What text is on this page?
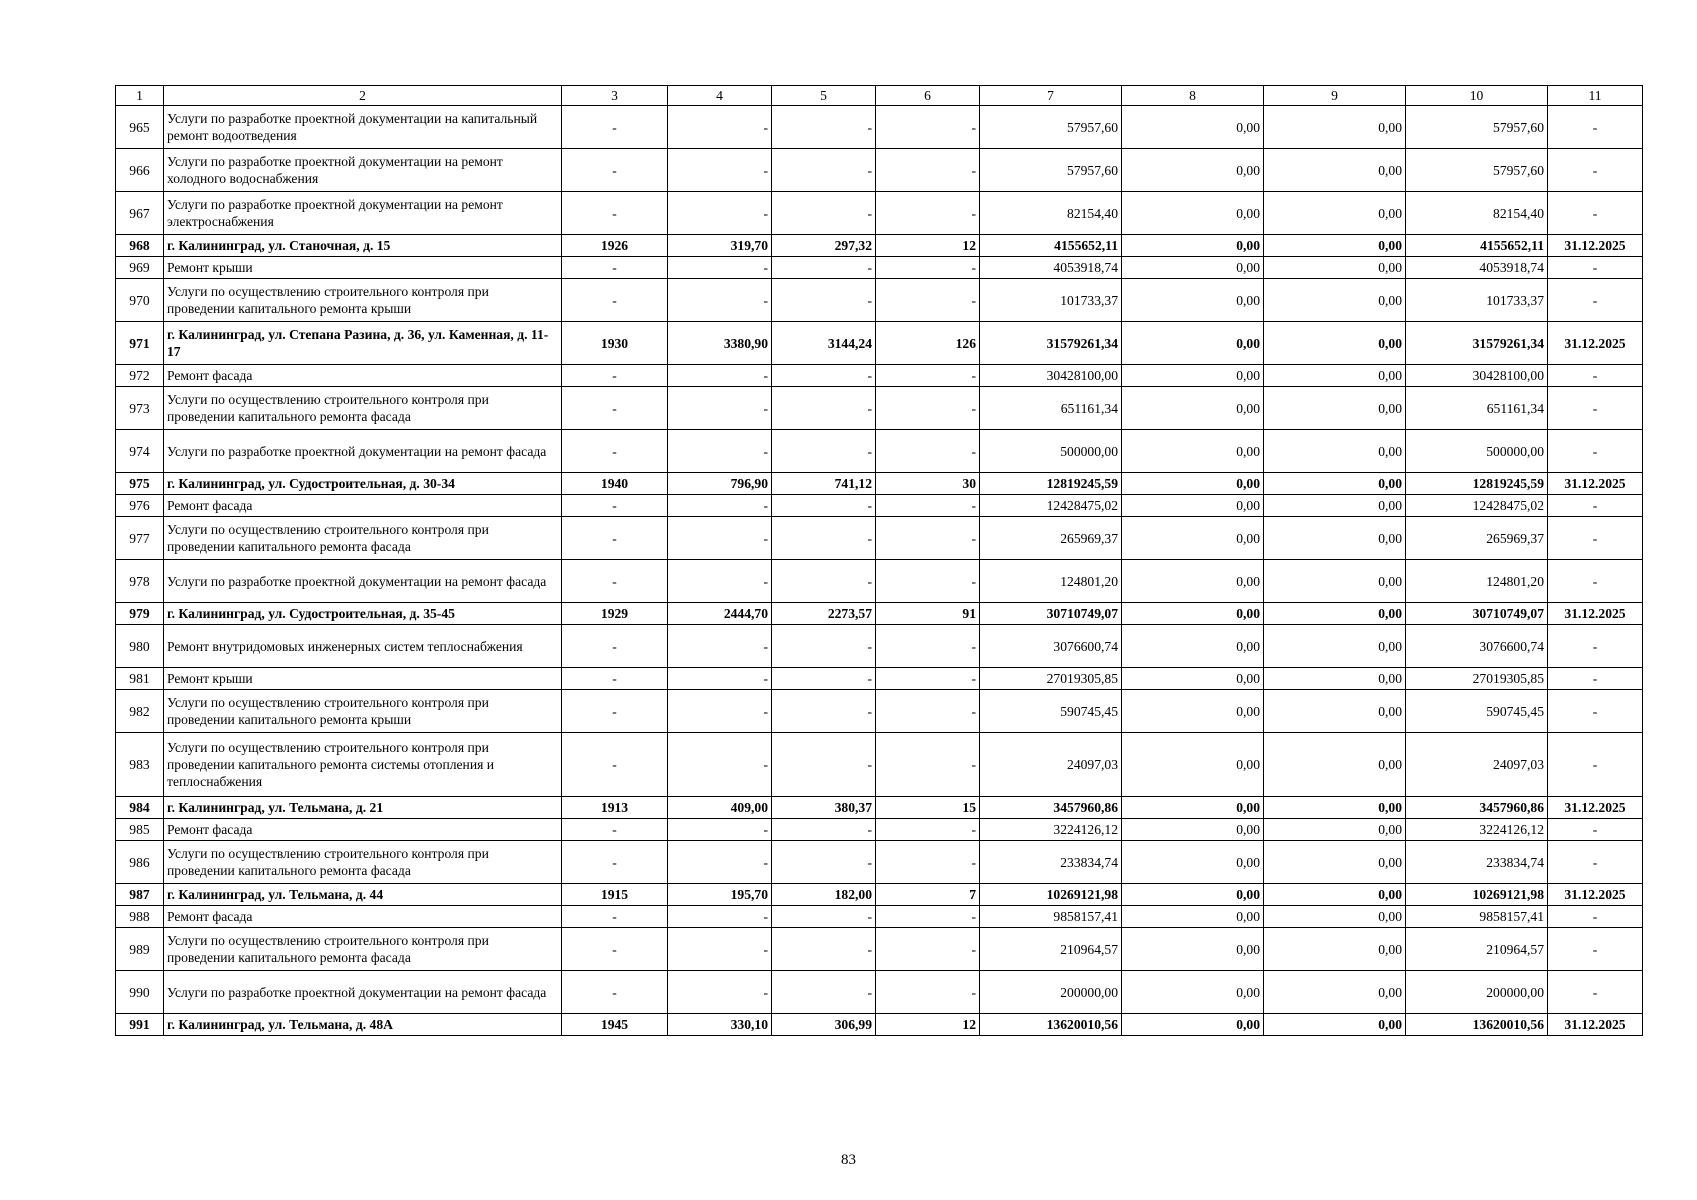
1	2	3	4	5	6	7	8	9	10	11
965	Услуги по разработке проектной документации на капитальный ремонт водоотведения	-	-	-	-	57957,60	0,00	0,00	57957,60	-
966	Услуги по разработке проектной документации на ремонт холодного водоснабжения	-	-	-	-	57957,60	0,00	0,00	57957,60	-
967	Услуги по разработке проектной документации на ремонт электроснабжения	-	-	-	-	82154,40	0,00	0,00	82154,40	-
968	г. Калининград, ул. Станочная, д. 15	1926	319,70	297,32	12	4155652,11	0,00	0,00	4155652,11	31.12.2025
969	Ремонт крыши	-	-	-	-	4053918,74	0,00	0,00	4053918,74	-
970	Услуги по осуществлению строительного контроля при проведении капитального ремонта крыши	-	-	-	-	101733,37	0,00	0,00	101733,37	-
971	г. Калининград, ул. Степана Разина, д. 36, ул. Каменная, д. 11-17	1930	3380,90	3144,24	126	31579261,34	0,00	0,00	31579261,34	31.12.2025
972	Ремонт фасада	-	-	-	-	30428100,00	0,00	0,00	30428100,00	-
973	Услуги по осуществлению строительного контроля при проведении капитального ремонта фасада	-	-	-	-	651161,34	0,00	0,00	651161,34	-
974	Услуги по разработке проектной документации на ремонт фасада	-	-	-	-	500000,00	0,00	0,00	500000,00	-
975	г. Калининград, ул. Судостроительная, д. 30-34	1940	796,90	741,12	30	12819245,59	0,00	0,00	12819245,59	31.12.2025
976	Ремонт фасада	-	-	-	-	12428475,02	0,00	0,00	12428475,02	-
977	Услуги по осуществлению строительного контроля при проведении капитального ремонта фасада	-	-	-	-	265969,37	0,00	0,00	265969,37	-
978	Услуги по разработке проектной документации на ремонт фасада	-	-	-	-	124801,20	0,00	0,00	124801,20	-
979	г. Калининград, ул. Судостроительная, д. 35-45	1929	2444,70	2273,57	91	30710749,07	0,00	0,00	30710749,07	31.12.2025
980	Ремонт внутридомовых инженерных систем теплоснабжения	-	-	-	-	3076600,74	0,00	0,00	3076600,74	-
981	Ремонт крыши	-	-	-	-	27019305,85	0,00	0,00	27019305,85	-
982	Услуги по осуществлению строительного контроля при проведении капитального ремонта крыши	-	-	-	-	590745,45	0,00	0,00	590745,45	-
983	Услуги по осуществлению строительного контроля при проведении капитального ремонта системы отопления и теплоснабжения	-	-	-	-	24097,03	0,00	0,00	24097,03	-
984	г. Калининград, ул. Тельмана, д. 21	1913	409,00	380,37	15	3457960,86	0,00	0,00	3457960,86	31.12.2025
985	Ремонт фасада	-	-	-	-	3224126,12	0,00	0,00	3224126,12	-
986	Услуги по осуществлению строительного контроля при проведении капитального ремонта фасада	-	-	-	-	233834,74	0,00	0,00	233834,74	-
987	г. Калининград, ул. Тельмана, д. 44	1915	195,70	182,00	7	10269121,98	0,00	0,00	10269121,98	31.12.2025
988	Ремонт фасада	-	-	-	-	9858157,41	0,00	0,00	9858157,41	-
989	Услуги по осуществлению строительного контроля при проведении капитального ремонта фасада	-	-	-	-	210964,57	0,00	0,00	210964,57	-
990	Услуги по разработке проектной документации на ремонт фасада	-	-	-	-	200000,00	0,00	0,00	200000,00	-
991	г. Калининград, ул. Тельмана, д. 48А	1945	330,10	306,99	12	13620010,56	0,00	0,00	13620010,56	31.12.2025
83
